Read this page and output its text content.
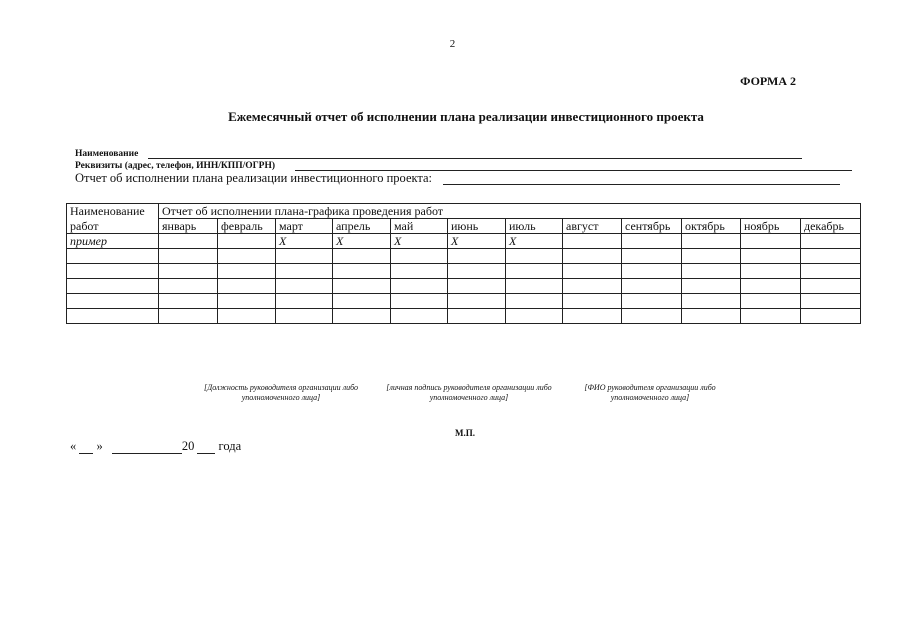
2
ФОРМА 2
Ежемесячный отчет об исполнении плана реализации инвестиционного проекта
Наименование
Реквизиты (адрес, телефон, ИНН/КПП/ОГРН)
Отчет об исполнении плана реализации инвестиционного проекта:
Наименование	Отчет об исполнении плана-графика проведения работ											
работ	январь	февраль	март	апрель	май	июнь	июль	август	сентябрь	октябрь	ноябрь	декабрь
пример			X	X	X	X	X					

[Должность руководителя организации либо уполномоченного лица]
[личная подпись руководителя организации либо уполномоченного лица]
[ФИО руководителя организации либо уполномоченного лица]
М.П.
« »	20 года
